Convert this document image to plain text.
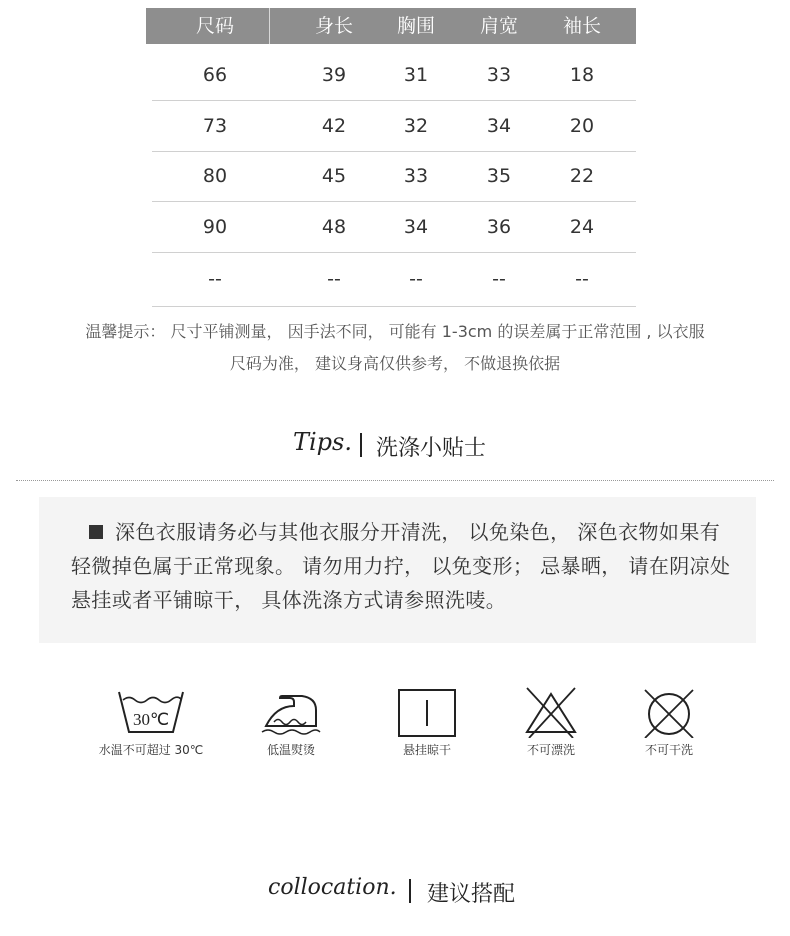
尺码	身长	胸围	肩宽	袖长
66	39	31	33	18
73	42	32	34	20
80	45	33	35	22
90	48	34	36	24
--	--	--	--	--
温馨提示： 尺寸平铺测量， 因手法不同， 可能有 1-3cm 的误差属于正常范围 , 以衣服
尺码为准， 建议身高仅供参考， 不做退换依据
Tips. 洗涤小贴士
深色衣服请务必与其他衣服分开清洗， 以免染色， 深色衣物如果有轻微掉色属于正常现象。 请勿用力拧， 以免变形； 忌暴晒， 请在阴凉处悬挂或者平铺晾干， 具体洗涤方式请参照洗唛。
30℃
水温不可超过 30℃	低温熨烫	悬挂晾干	不可漂洗	不可干洗
collocation. 建议搭配
